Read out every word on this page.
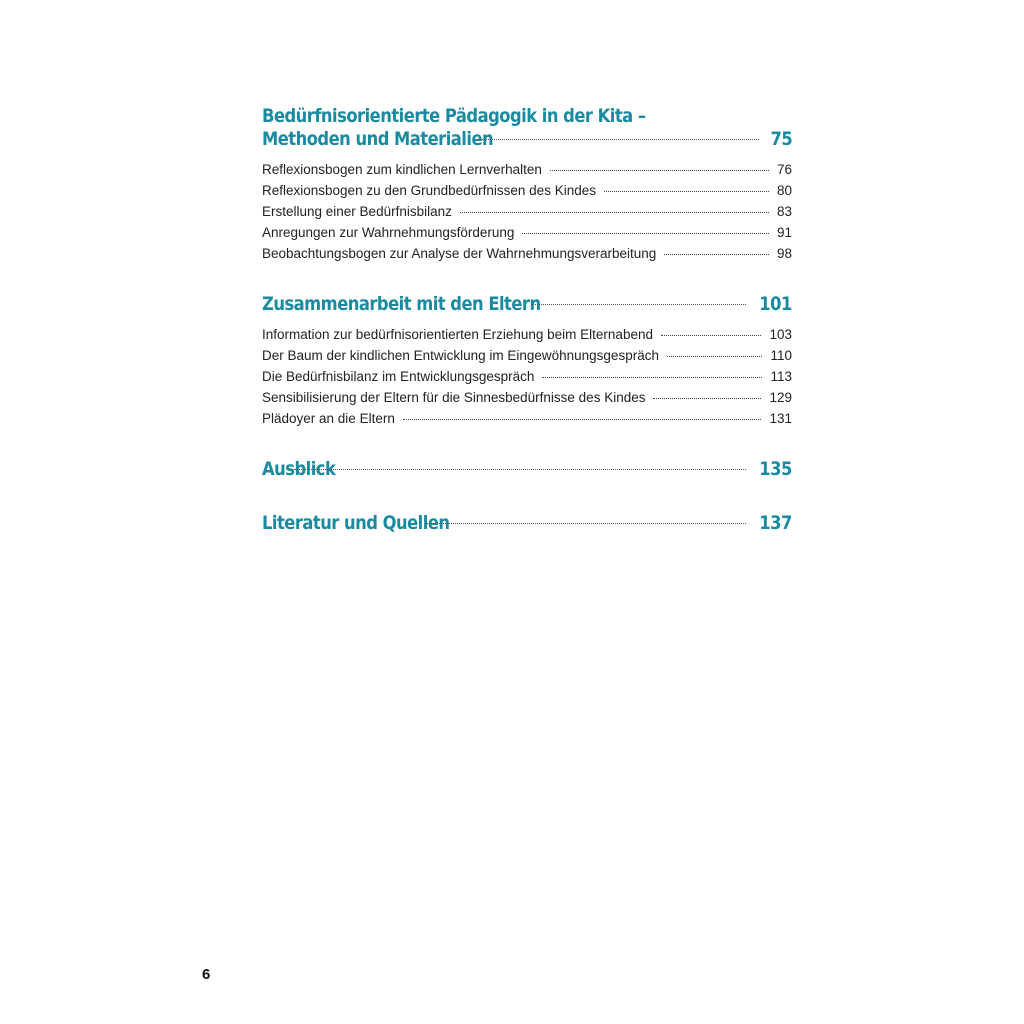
Bedürfnisorientierte Pädagogik in der Kita –
Methoden und Materialien	75
Reflexionsbogen zum kindlichen Lernverhalten	76
Reflexionsbogen zu den Grundbedürfnissen des Kindes	80
Erstellung einer Bedürfnisbilanz	83
Anregungen zur Wahrnehmungsförderung	91
Beobachtungsbogen zur Analyse der Wahrnehmungsverarbeitung	98
Zusammenarbeit mit den Eltern	101
Information zur bedürfnisorientierten Erziehung beim Elternabend	103
Der Baum der kindlichen Entwicklung im Eingewöhnungsgespräch	110
Die Bedürfnisbilanz im Entwicklungsgespräch	113
Sensibilisierung der Eltern für die Sinnesbedürfnisse des Kindes	129
Plädoyer an die Eltern	131
Ausblick	135
Literatur und Quellen	137
6
